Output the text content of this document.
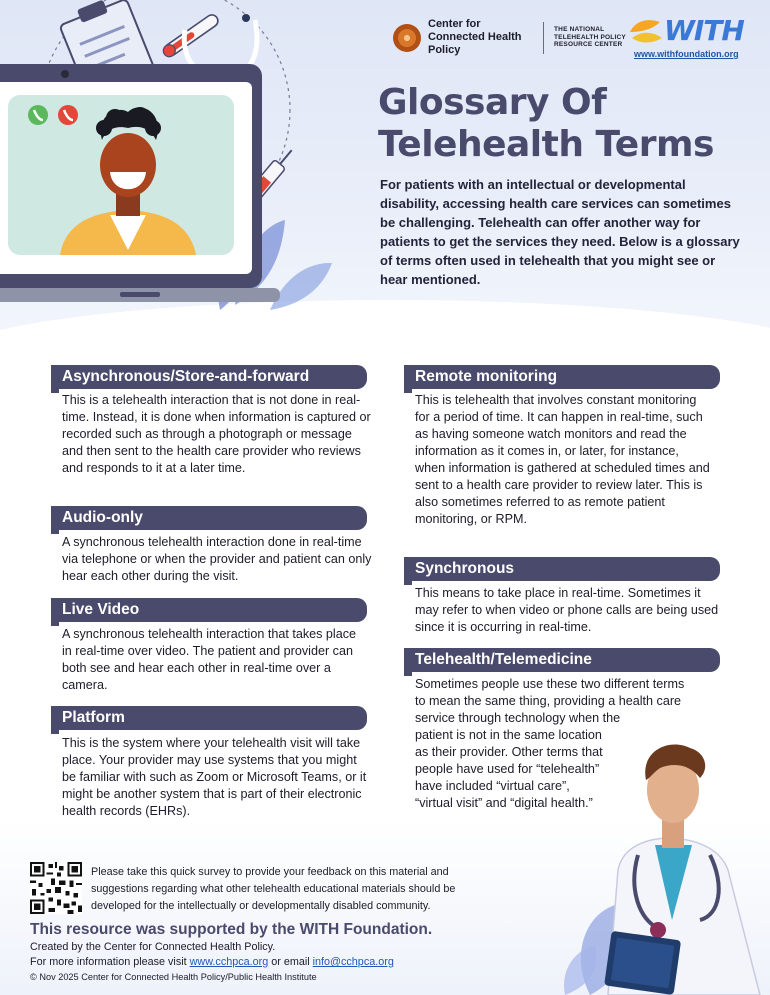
Center for Connected Health Policy
THE NATIONAL TELEHEALTH POLICY RESOURCE CENTER	WITH
www.withfoundation.org
Glossary Of
Telehealth Terms
For patients with an intellectual or developmental disability, accessing health care services can sometimes be challenging. Telehealth can offer another way for patients to get the services they need. Below is a glossary of terms often used in telehealth that you might see or hear mentioned.
Asynchronous/Store-and-forward
This is a telehealth interaction that is not done in real-time. Instead, it is done when information is captured or recorded such as through a photograph or message and then sent to the health care provider who reviews and responds to it at a later time.
Audio-only
A synchronous telehealth interaction done in real-time via telephone or when the provider and patient can only hear each other during the visit.
Live Video
A synchronous telehealth interaction that takes place in real-time over video. The patient and provider can both see and hear each other in real-time over a camera.
Platform
This is the system where your telehealth visit will take place. Your provider may use systems that you might be familiar with such as Zoom or Microsoft Teams, or it might be another system that is part of their electronic health records (EHRs).
Remote monitoring
This is telehealth that involves constant monitoring for a period of time. It can happen in real-time, such as having someone watch monitors and read the information as it comes in, or later, for instance, when information is gathered at scheduled times and sent to a health care provider to review later. This is also sometimes referred to as remote patient monitoring, or RPM.
Synchronous
This means to take place in real-time. Sometimes it may refer to when video or phone calls are being used since it is occurring in real-time.
Telehealth/Telemedicine
Sometimes people use these two different terms
to mean the same thing, providing a health care
service through technology when the
patient is not in the same location
as their provider. Other terms that
people have used for “telehealth”
have included “virtual care”,
“virtual visit” and “digital health.”
Please take this quick survey to provide your feedback on this material and suggestions regarding what other telehealth educational materials should be developed for the intellectually or developmentally disabled community.
This resource was supported by the WITH Foundation.
Created by the Center for Connected Health Policy.
For more information please visit www.cchpca.org or email info@cchpca.org
© Nov 2025 Center for Connected Health Policy/Public Health Institute
